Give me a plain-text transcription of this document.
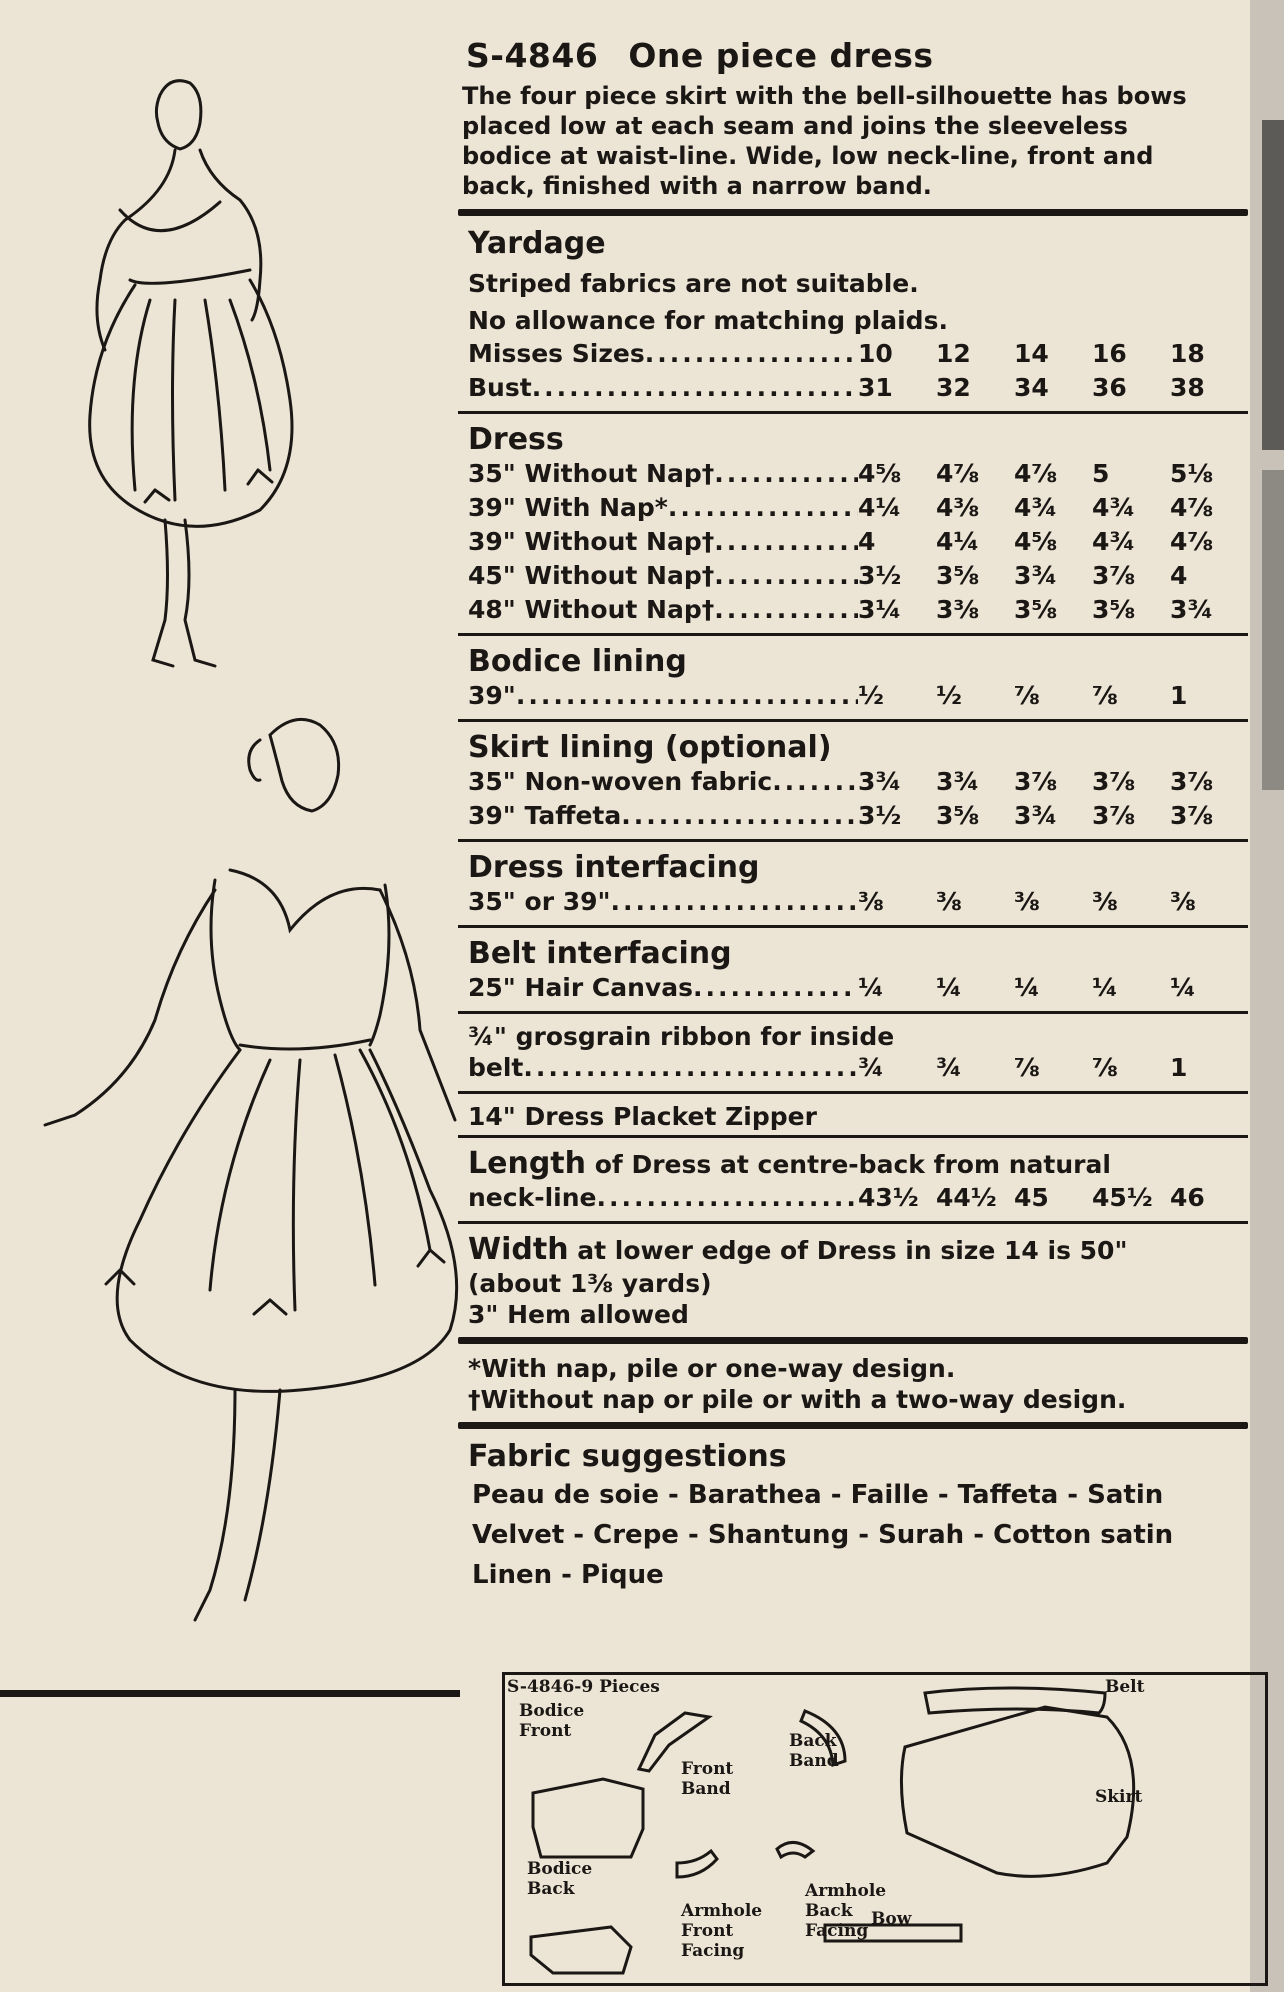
S-4846 One piece dress
The four piece skirt with the bell-silhouette has bows placed low at each seam and joins the sleeveless bodice at waist-line. Wide, low neck-line, front and back, finished with a narrow band.
Yardage
Striped fabrics are not suitable.
No allowance for matching plaids.
Misses Sizes .....	10	12	14	16	18
Bust .....	31	32	34	36	38
Dress
35" Without Nap† .....	4⅝	4⅞	4⅞	5	5⅛
39" With Nap* .....	4¼	4⅜	4¾	4¾	4⅞
39" Without Nap† .....	4	4¼	4⅝	4¾	4⅞
45" Without Nap† .....	3½	3⅝	3¾	3⅞	4
48" Without Nap† .....	3¼	3⅜	3⅝	3⅝	3¾
Bodice lining
39" .....	½	½	⅞	⅞	1
Skirt lining (optional)
35" Non-woven fabric .....	3¾	3¾	3⅞	3⅞	3⅞
39" Taffeta .....	3½	3⅝	3¾	3⅞	3⅞
Dress interfacing
35" or 39" .....	⅜	⅜	⅜	⅜	⅜
Belt interfacing
25" Hair Canvas .....	¼	¼	¼	¼	¼
¾" grosgrain ribbon for inside
belt .....	¾	¾	⅞	⅞	1
14" Dress Placket Zipper
Length of Dress at centre-back from natural
neck-line .....	43½ 44½ 45	45½ 46
Width at lower edge of Dress in size 14 is 50"
(about 1⅜ yards)
3" Hem allowed
*With nap, pile or one-way design.
†Without nap or pile or with a two-way design.
Fabric suggestions
Peau de soie - Barathea - Faille - Taffeta - Satin
Velvet - Crepe - Shantung - Surah - Cotton satin
Linen - Pique
S-4846-9 Pieces
Bodice
Front
Front
Band
Back
Band
Belt
Skirt
Bodice
Back
Armhole
Front
Facing
Armhole
Back
Facing
Bow
